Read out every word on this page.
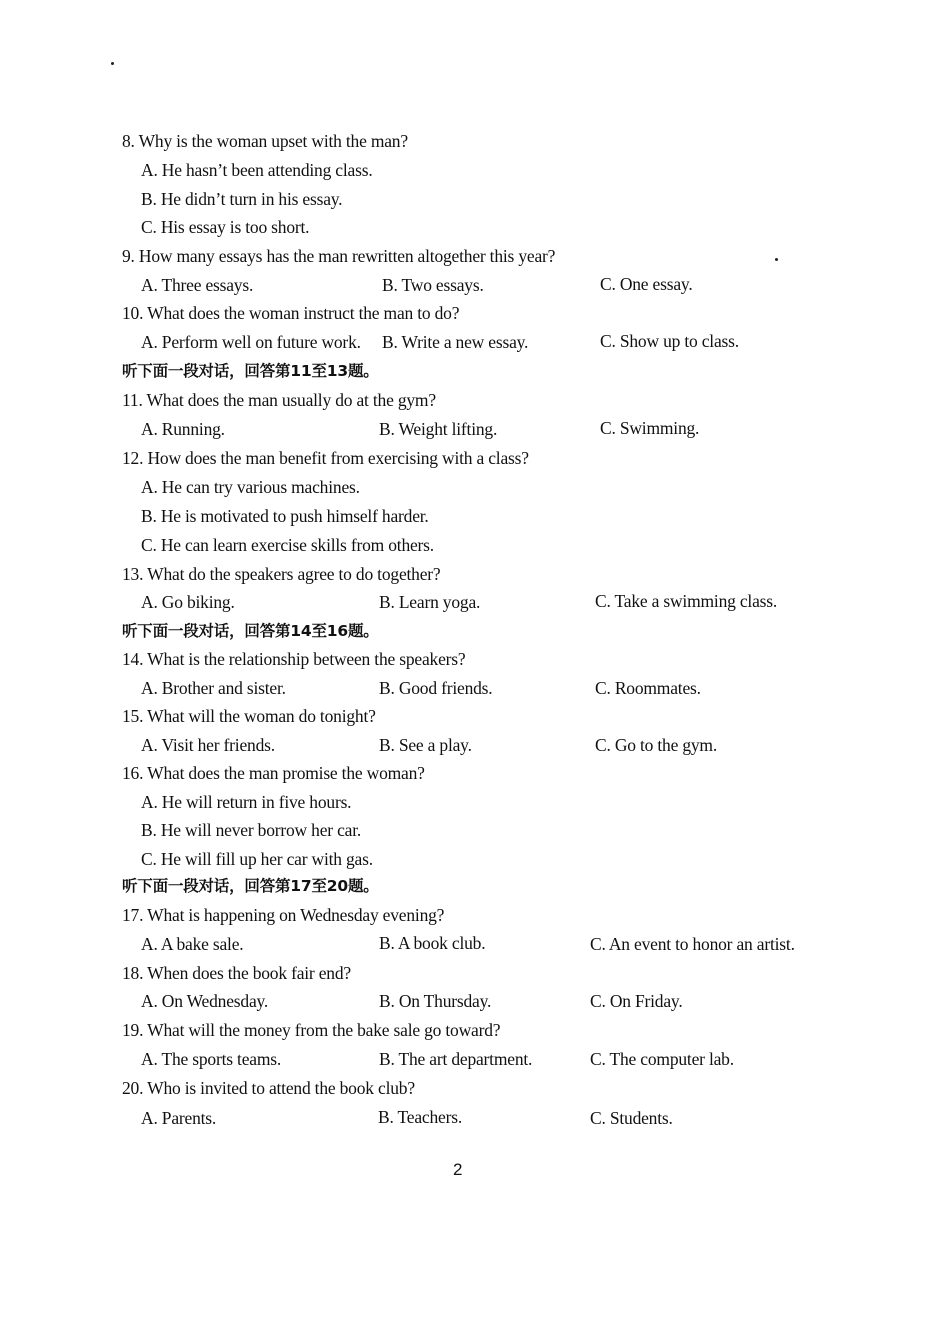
8. Why is the woman upset with the man?
A. He hasn’t been attending class.
B. He didn’t turn in his essay.
C. His essay is too short.
9. How many essays has the man rewritten altogether this year?
A. Three essays.	B. Two essays.	C. One essay.
10. What does the woman instruct the man to do?
A. Perform well on future work. B. Write a new essay.	C. Show up to class.
听下面一段对话，回答第11至13题。
11. What does the man usually do at the gym?
A. Running.	B. Weight lifting.	C. Swimming.
12. How does the man benefit from exercising with a class?
A. He can try various machines.
B. He is motivated to push himself harder.
C. He can learn exercise skills from others.
13. What do the speakers agree to do together?
A. Go biking.	B. Learn yoga.	C. Take a swimming class.
听下面一段对话，回答第14至16题。
14. What is the relationship between the speakers?
A. Brother and sister.	B. Good friends.	C. Roommates.
15. What will the woman do tonight?
A. Visit her friends.	B. See a play.	C. Go to the gym.
16. What does the man promise the woman?
A. He will return in five hours.
B. He will never borrow her car.
C. He will fill up her car with gas.
听下面一段对话，回答第17至20题。
17. What is happening on Wednesday evening?
A. A bake sale.	B. A book club.	C. An event to honor an artist.
18. When does the book fair end?
A. On Wednesday.	B. On Thursday.	C. On Friday.
19. What will the money from the bake sale go toward?
A. The sports teams.	B. The art department.	C. The computer lab.
20. Who is invited to attend the book club?
A. Parents.	B. Teachers.	C. Students.
2
